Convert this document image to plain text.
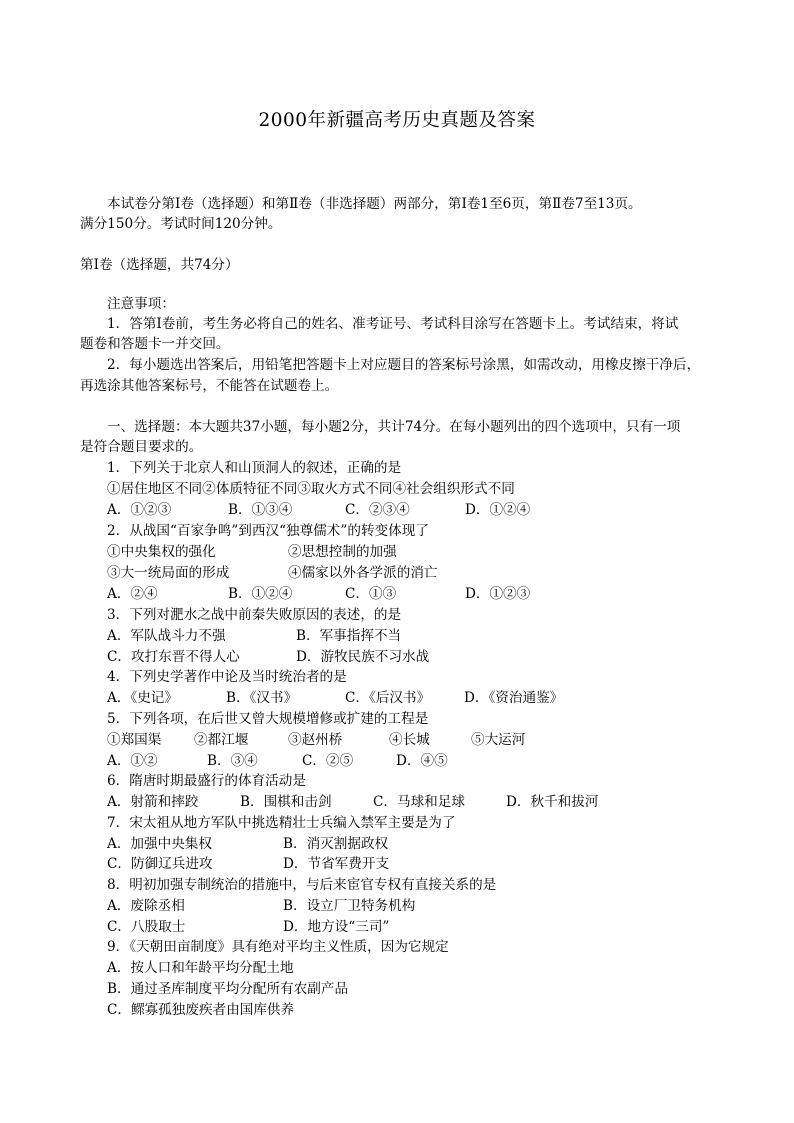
2000年新疆高考历史真题及答案
本试卷分第Ⅰ卷（选择题）和第Ⅱ卷（非选择题）两部分，第Ⅰ卷1至6页，第Ⅱ卷7至13页。
满分150分。考试时间120分钟。
第Ⅰ卷（选择题，共74分）
注意事项：
1．答第Ⅰ卷前，考生务必将自己的姓名、准考证号、考试科目涂写在答题卡上。考试结束，将试
题卷和答题卡一并交回。
2．每小题选出答案后，用铅笔把答题卡上对应题目的答案标号涂黑，如需改动，用橡皮擦干净后，
再选涂其他答案标号，不能答在试题卷上。
一、选择题：本大题共37小题，每小题2分，共计74分。在每小题列出的四个选项中，只有一项
是符合题目要求的。
1．下列关于北京人和山顶洞人的叙述，正确的是
①居住地区不同②体质特征不同③取火方式不同④社会组织形式不同
A．①②③	B．①③④	C．②③④	D．①②④
2．从战国“百家争鸣”到西汉“独尊儒术”的转变体现了
①中央集权的强化	②思想控制的加强
③大一统局面的形成	④儒家以外各学派的消亡
A．②④	B．①②④	C．①③	D．①②③
3．下列对淝水之战中前秦失败原因的表述，的是
A．军队战斗力不强	B．军事指挥不当
C．攻打东晋不得人心	D．游牧民族不习水战
4．下列史学著作中论及当时统治者的是
A．《史记》	B．《汉书》	C．《后汉书》 D．《资治通鉴》
5．下列各项，在后世又曾大规模增修或扩建的工程是
①郑国渠 ②都江堰	③赵州桥	④长城	⑤大运河
A．①②	B．③④	C．②⑤	D．④⑤
6．隋唐时期最盛行的体育活动是
A．射箭和摔跤	B．围棋和击剑	C．马球和足球	D．秋千和拔河
7．宋太祖从地方军队中挑选精壮士兵编入禁军主要是为了
A．加强中央集权	B．消灭割据政权
C．防御辽兵进攻	D．节省军费开支
8．明初加强专制统治的措施中，与后来宦官专权有直接关系的是
A．废除丞相	B．设立厂卫特务机构
C．八股取士	D．地方设“三司”
9．《天朝田亩制度》具有绝对平均主义性质，因为它规定
A．按人口和年龄平均分配土地
B．通过圣库制度平均分配所有农副产品
C．鳏寡孤独废疾者由国库供养
